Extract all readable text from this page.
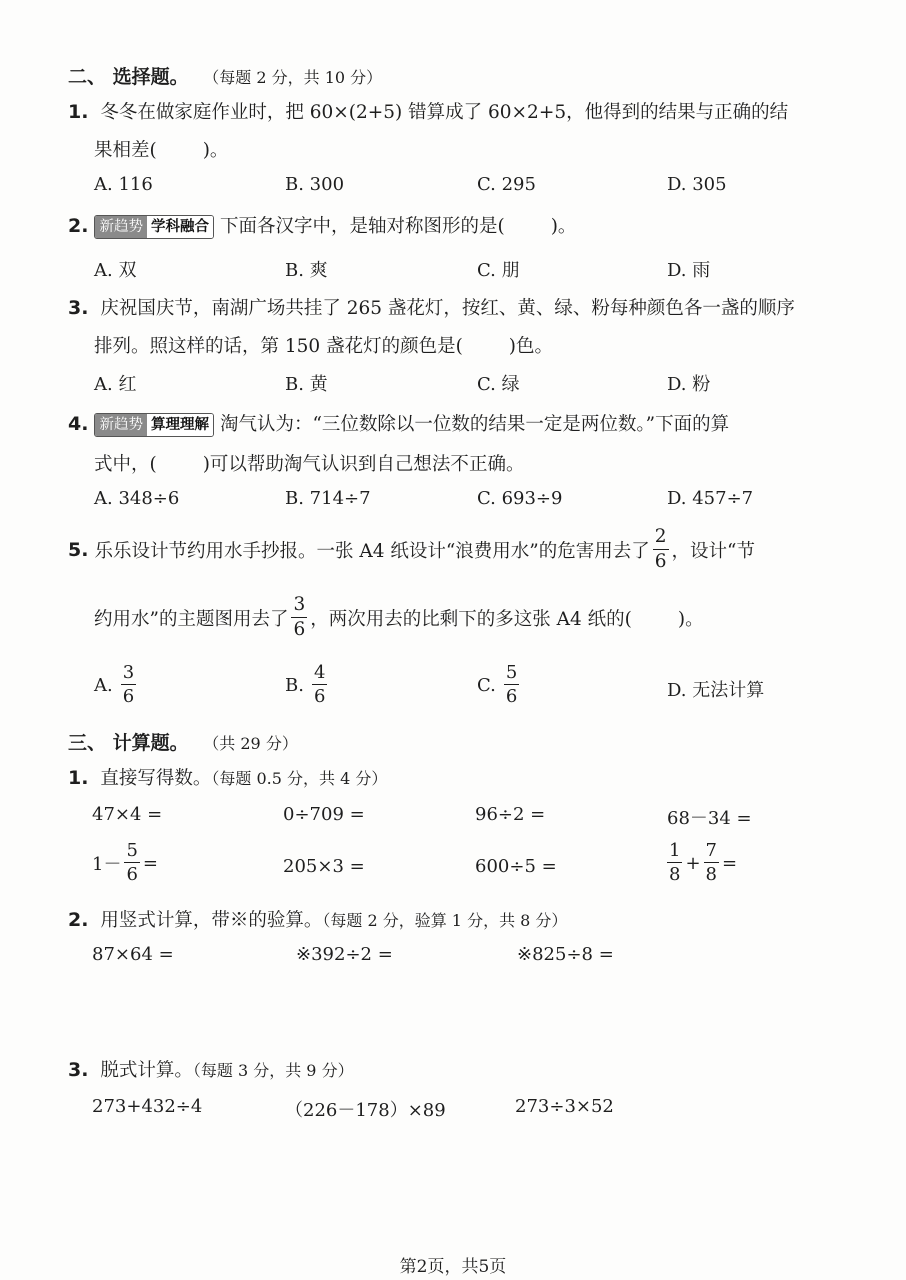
二、 选择题。 （每题 2 分，共 10 分）
1. 冬冬在做家庭作业时，把 60×(2+5) 错算成了 60×2+5，他得到的结果与正确的结
果相差( )。
A. 116	B. 300	C. 295	D. 305
2. 新趋势 学科融合 下面各汉字中，是轴对称图形的是( )。
A. 双	B. 爽	C. 朋	D. 雨
3. 庆祝国庆节，南湖广场共挂了 265 盏花灯，按红、黄、绿、粉每种颜色各一盏的顺序
排列。照这样的话，第 150 盏花灯的颜色是( )色。
A. 红	B. 黄	C. 绿	D. 粉
4. 新趋势 算理理解 淘气认为：“三位数除以一位数的结果一定是两位数。”下面的算
式中，( )可以帮助淘气认识到自己想法不正确。
A. 348÷6	B. 714÷7	C. 693÷9	D. 457÷7
5. 乐乐设计节约用水手抄报。一张 A4 纸设计“浪费用水”的危害用去了 $\frac{2}{6}$ ，设计“节
约用水”的主题图用去了 $\frac{3}{6}$ ，两次用去的比剩下的多这张 A4 纸的( )。
A. $\frac{3}{6}$	B. $\frac{4}{6}$	C. $\frac{5}{6}$	D. 无法计算
三、 计算题。 （共 29 分）
1. 直接写得数。（每题 0.5 分，共 4 分）
47×4 =	0÷709 =	96÷2 =	68－34 =
$1- \frac{5}{6}$ =	205×3 =	600÷5 =	$\frac{1}{8} + \frac{7}{8}$ =
2. 用竖式计算，带※的验算。（每题 2 分，验算 1 分，共 8 分）
87×64 =	※392÷2 =	※825÷8 =
3. 脱式计算。（每题 3 分，共 9 分）
273+432÷4	（226－178）×89	273÷3×52
第2页，共5页
